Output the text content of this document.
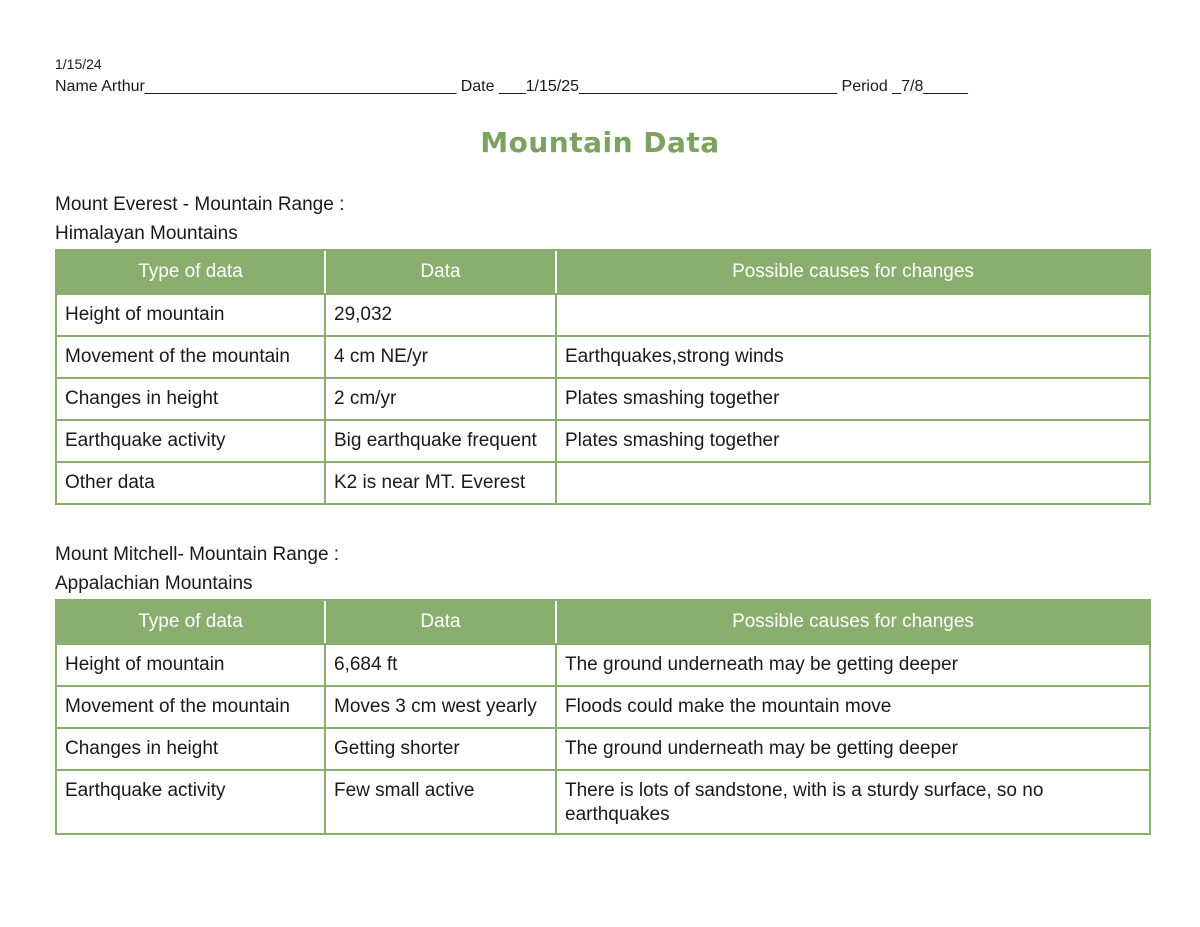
1/15/24
Name Arthur___________________________________ Date ___1/15/25_____________________________ Period _7/8_____
Mountain Data
Mount Everest - Mountain Range :
Himalayan Mountains
Type of data	Data	Possible causes for changes
Height of mountain	29,032	
Movement of the mountain	4 cm NE/yr	Earthquakes,strong winds
Changes in height	2 cm/yr	Plates smashing together
Earthquake activity	Big earthquake frequent	Plates smashing together
Other data	K2 is near MT. Everest	
Mount Mitchell- Mountain Range :
Appalachian Mountains
Type of data	Data	Possible causes for changes
Height of mountain	6,684 ft	The ground underneath may be getting deeper
Movement of the mountain	Moves 3 cm west yearly	Floods could make the mountain move
Changes in height	Getting shorter	The ground underneath may be getting deeper
Earthquake activity	Few small active	There is lots of sandstone, with is a sturdy surface, so no earthquakes
